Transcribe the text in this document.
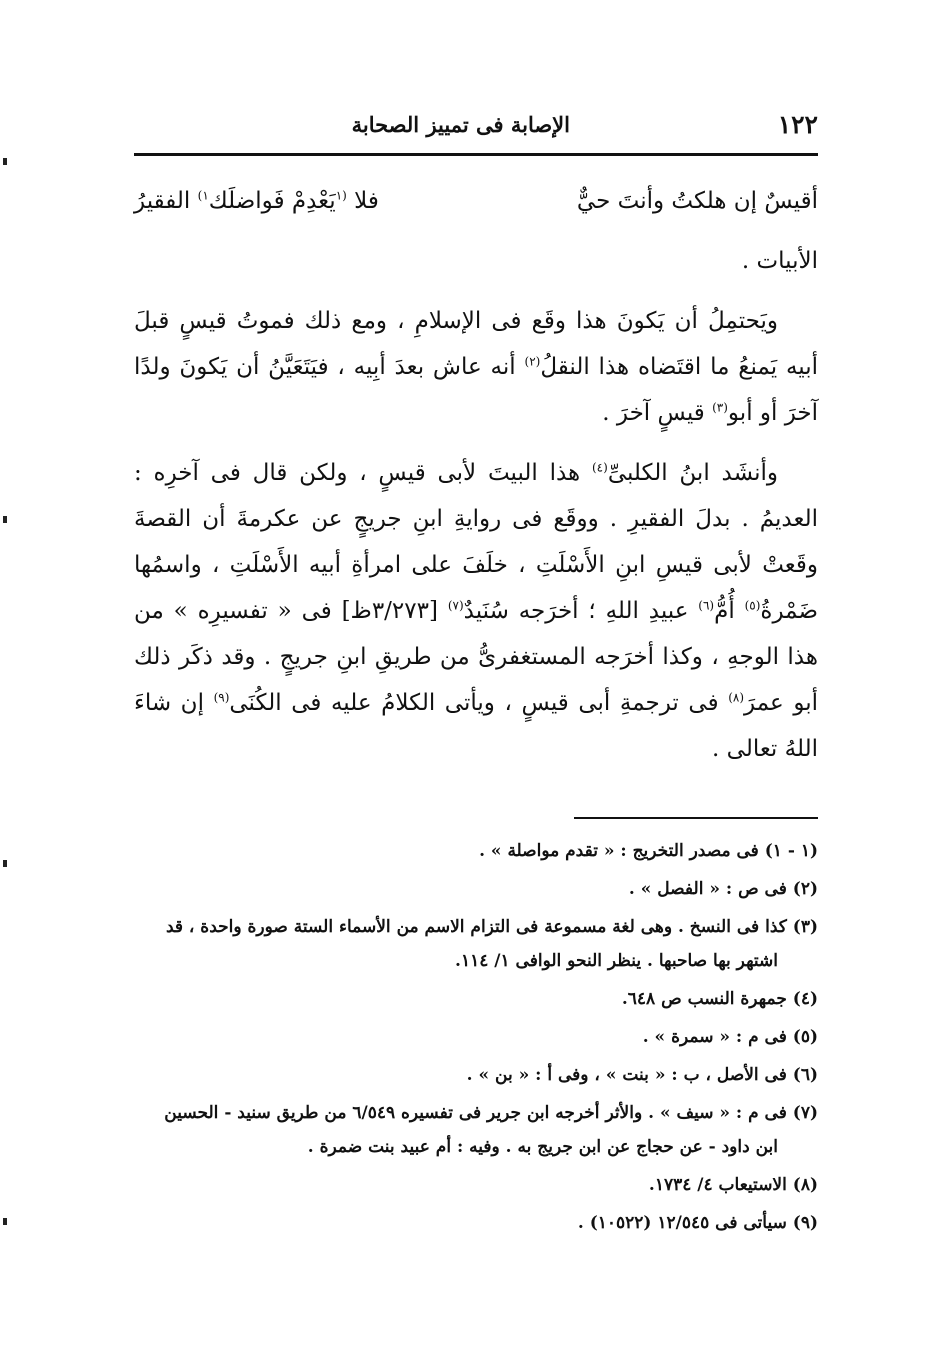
١٢٢
الإصابة فى تمييز الصحابة

أقيسٌ إن هلكتُ وأنتَ حيٌّ
فلا $^{(١}$يَعْدِمْ فَواضلَك$^{١)}$ الفقيرُ

الأبيات .

ويَحتمِلُ أن يَكونَ هذا وقَع فى الإسلامِ ، ومع ذلك فموتُ قيسٍ قبلَ أبيه يَمنعُ ما اقتَضاه هذا النقلُ$^{(٢)}$ أنه عاش بعدَ أبِيه ، فيَتَعَيَّنُ أن يَكونَ ولدًا آخرَ أو أبو$^{(٣)}$ قيسٍ آخرَ .

وأنشَد ابنُ الكلبىِّ$^{(٤)}$ هذا البيتَ لأبى قيسٍ ، ولكن قال فى آخرِه : العديمُ . بدلَ الفقيرِ . ووقَع فى روايةِ ابنِ جريجٍ عن عكرمةَ أن القصةَ وقَعتْ لأبى قيسِ ابنِ الأَسْلَتِ ، خلَفَ على امرأةِ أبيه الأَسْلَتِ ، واسمُها ضَمْرةُ$^{(٥)}$ أُمُّ$^{(٦)}$ عبيدِ اللهِ ؛ أخرَجه سُنَيدٌ$^{(٧)}$ [٣/٢٧٣ظ] فى « تفسيرِه » من هذا الوجهِ ، وكذا أخرَجه المستغفرىُّ من طريقِ ابنِ جريجٍ . وقد ذكَر ذلك أبو عمرَ$^{(٨)}$ فى ترجمةِ أبى قيسٍ ، ويأتى الكلامُ عليه فى الكُنَى$^{(٩)}$ إن شاءَ اللهُ تعالى .

(١ - ١) فى مصدر التخريج : « تقدم مواصلة » .
(٢) فى ص : « الفصل » .
(٣) كذا فى النسخ . وهى لغة مسموعة فى التزام الاسم من الأسماء الستة صورة واحدة ، قد
اشتهر بها صاحبها . ينظر النحو الوافى ١/ ١١٤.
(٤) جمهرة النسب ص ٦٤٨.
(٥) فى م : « سمرة » .
(٦) فى الأصل ، ب : « بنت » ، وفى أ : « بن » .
(٧) فى م : « سيف » . والأثر أخرجه ابن جرير فى تفسيره ٦/٥٤٩ من طريق سنيد - الحسين
ابن داود - عن حجاج عن ابن جريج به . وفيه : أم عبيد بنت ضمرة .
(٨) الاستيعاب ٤/ ١٧٣٤.
(٩) سيأتى فى ١٢/٥٤٥ (١٠٥٢٢) .
